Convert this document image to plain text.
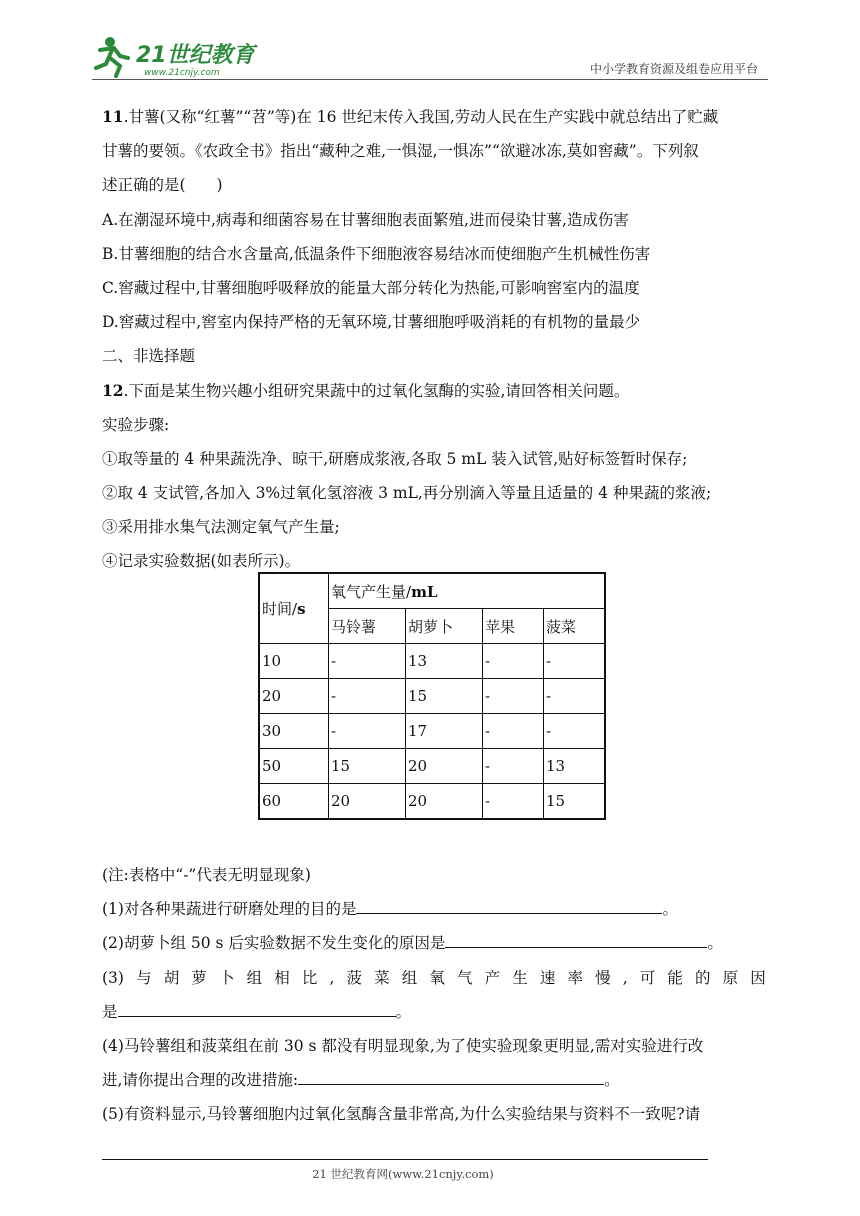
21世纪教育
www.21cnjy.com	中小学教育资源及组卷应用平台
11.甘薯(又称“红薯”“苕”等)在 16 世纪末传入我国,劳动人民在生产实践中就总结出了贮藏
甘薯的要领。《农政全书》指出“藏种之难,一惧湿,一惧冻”“欲避冰冻,莫如窖藏”。下列叙
述正确的是(　　)
A.在潮湿环境中,病毒和细菌容易在甘薯细胞表面繁殖,进而侵染甘薯,造成伤害
B.甘薯细胞的结合水含量高,低温条件下细胞液容易结冰而使细胞产生机械性伤害
C.窖藏过程中,甘薯细胞呼吸释放的能量大部分转化为热能,可影响窖室内的温度
D.窖藏过程中,窖室内保持严格的无氧环境,甘薯细胞呼吸消耗的有机物的量最少
二、非选择题
12.下面是某生物兴趣小组研究果蔬中的过氧化氢酶的实验,请回答相关问题。
实验步骤:
①取等量的 4 种果蔬洗净、晾干,研磨成浆液,各取 5 mL 装入试管,贴好标签暂时保存;
②取 4 支试管,各加入 3%过氧化氢溶液 3 mL,再分别滴入等量且适量的 4 种果蔬的浆液;
③采用排水集气法测定氧气产生量;
④记录实验数据(如表所示)。
时间/s	氧气产生量/mL			
	马铃薯	胡萝卜	苹果	菠菜
10	-	13	-	-
20	-	15	-	-
30	-	17	-	-
50	15	20	-	13
60	20	20	-	15
(注:表格中“-”代表无明显现象)
(1)对各种果蔬进行研磨处理的目的是	。
(2)胡萝卜组 50 s 后实验数据不发生变化的原因是	。
(3) 与 胡 萝 卜 组 相 比 , 菠 菜 组 氧 气 产 生 速 率 慢 , 可 能 的 原 因
是	。
(4)马铃薯组和菠菜组在前 30 s 都没有明显现象,为了使实验现象更明显,需对实验进行改
进,请你提出合理的改进措施:	。
(5)有资料显示,马铃薯细胞内过氧化氢酶含量非常高,为什么实验结果与资料不一致呢?请
21 世纪教育网(www.21cnjy.com)
